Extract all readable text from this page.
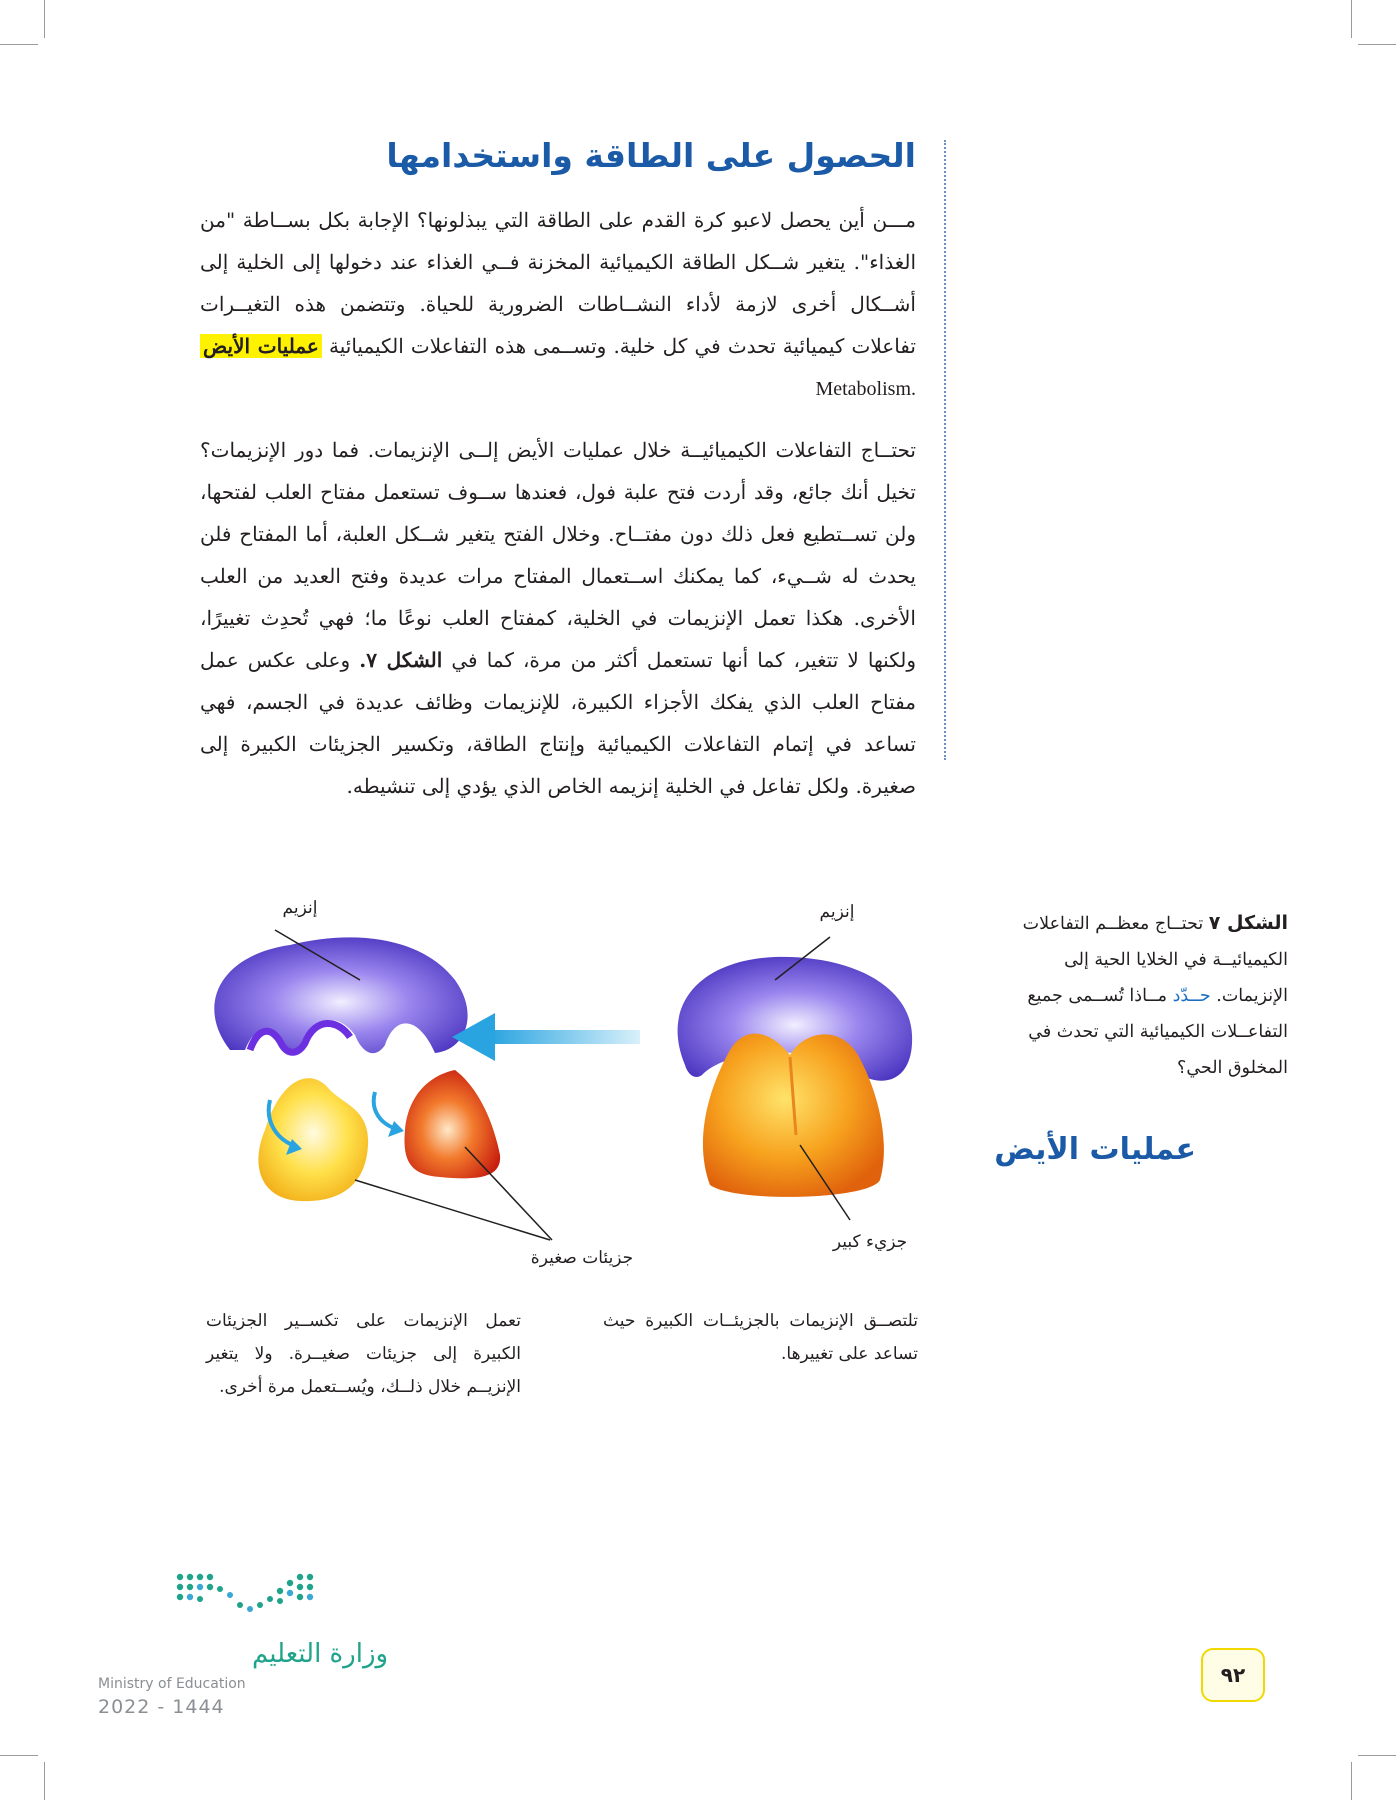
الحصول على الطاقة واستخدامها

مـــن أين يحصل لاعبو كرة القدم على الطاقة التي يبذلونها؟ الإجابة بكل بســاطة "من الغذاء". يتغير شــكل الطاقة الكيميائية المخزنة فــي الغذاء عند دخولها إلى الخلية إلى أشــكال أخرى لازمة لأداء النشــاطات الضرورية للحياة. وتتضمن هذه التغيــرات تفاعلات كيميائية تحدث في كل خلية. وتســمى هذه التفاعلات الكيميائية عمليات الأيض Metabolism.

تحتــاج التفاعلات الكيميائيــة خلال عمليات الأيض إلــى الإنزيمات. فما دور الإنزيمات؟ تخيل أنك جائع، وقد أردت فتح علبة فول، فعندها ســوف تستعمل مفتاح العلب لفتحها، ولن تســتطيع فعل ذلك دون مفتــاح. وخلال الفتح يتغير شــكل العلبة، أما المفتاح فلن يحدث له شــيء، كما يمكنك اســتعمال المفتاح مرات عديدة وفتح العديد من العلب الأخرى. هكذا تعمل الإنزيمات في الخلية، كمفتاح العلب نوعًا ما؛ فهي تُحدِث تغييرًا، ولكنها لا تتغير، كما أنها تستعمل أكثر من مرة، كما في الشكل ٧. وعلى عكس عمل مفتاح العلب الذي يفكك الأجزاء الكبيرة، للإنزيمات وظائف عديدة في الجسم، فهي تساعد في إتمام التفاعلات الكيميائية وإنتاج الطاقة، وتكسير الجزيئات الكبيرة إلى صغيرة. ولكل تفاعل في الخلية إنزيمه الخاص الذي يؤدي إلى تنشيطه.

الشكل ٧ تحتــاج معظــم التفاعلات الكيميائيــة في الخلايا الحية إلى الإنزيمات. حــدّد مــاذا تُســمى جميع التفاعــلات الكيميائية التي تحدث في المخلوق الحي؟
عمليات الأيض
إنزيم	إنزيم
جزيء كبير
جزيئات صغيرة

تلتصــق الإنزيمات بالجزيئــات الكبيرة حيث تساعد على تغييرها.

تعمل الإنزيمات على تكســير الجزيئات الكبيرة إلى جزيئات صغيــرة. ولا يتغير الإنزيــم خلال ذلــك، ويُســتعمل مرة أخرى.

وزارة التعليم
Ministry of Education
2022 - 1444
٩٢
